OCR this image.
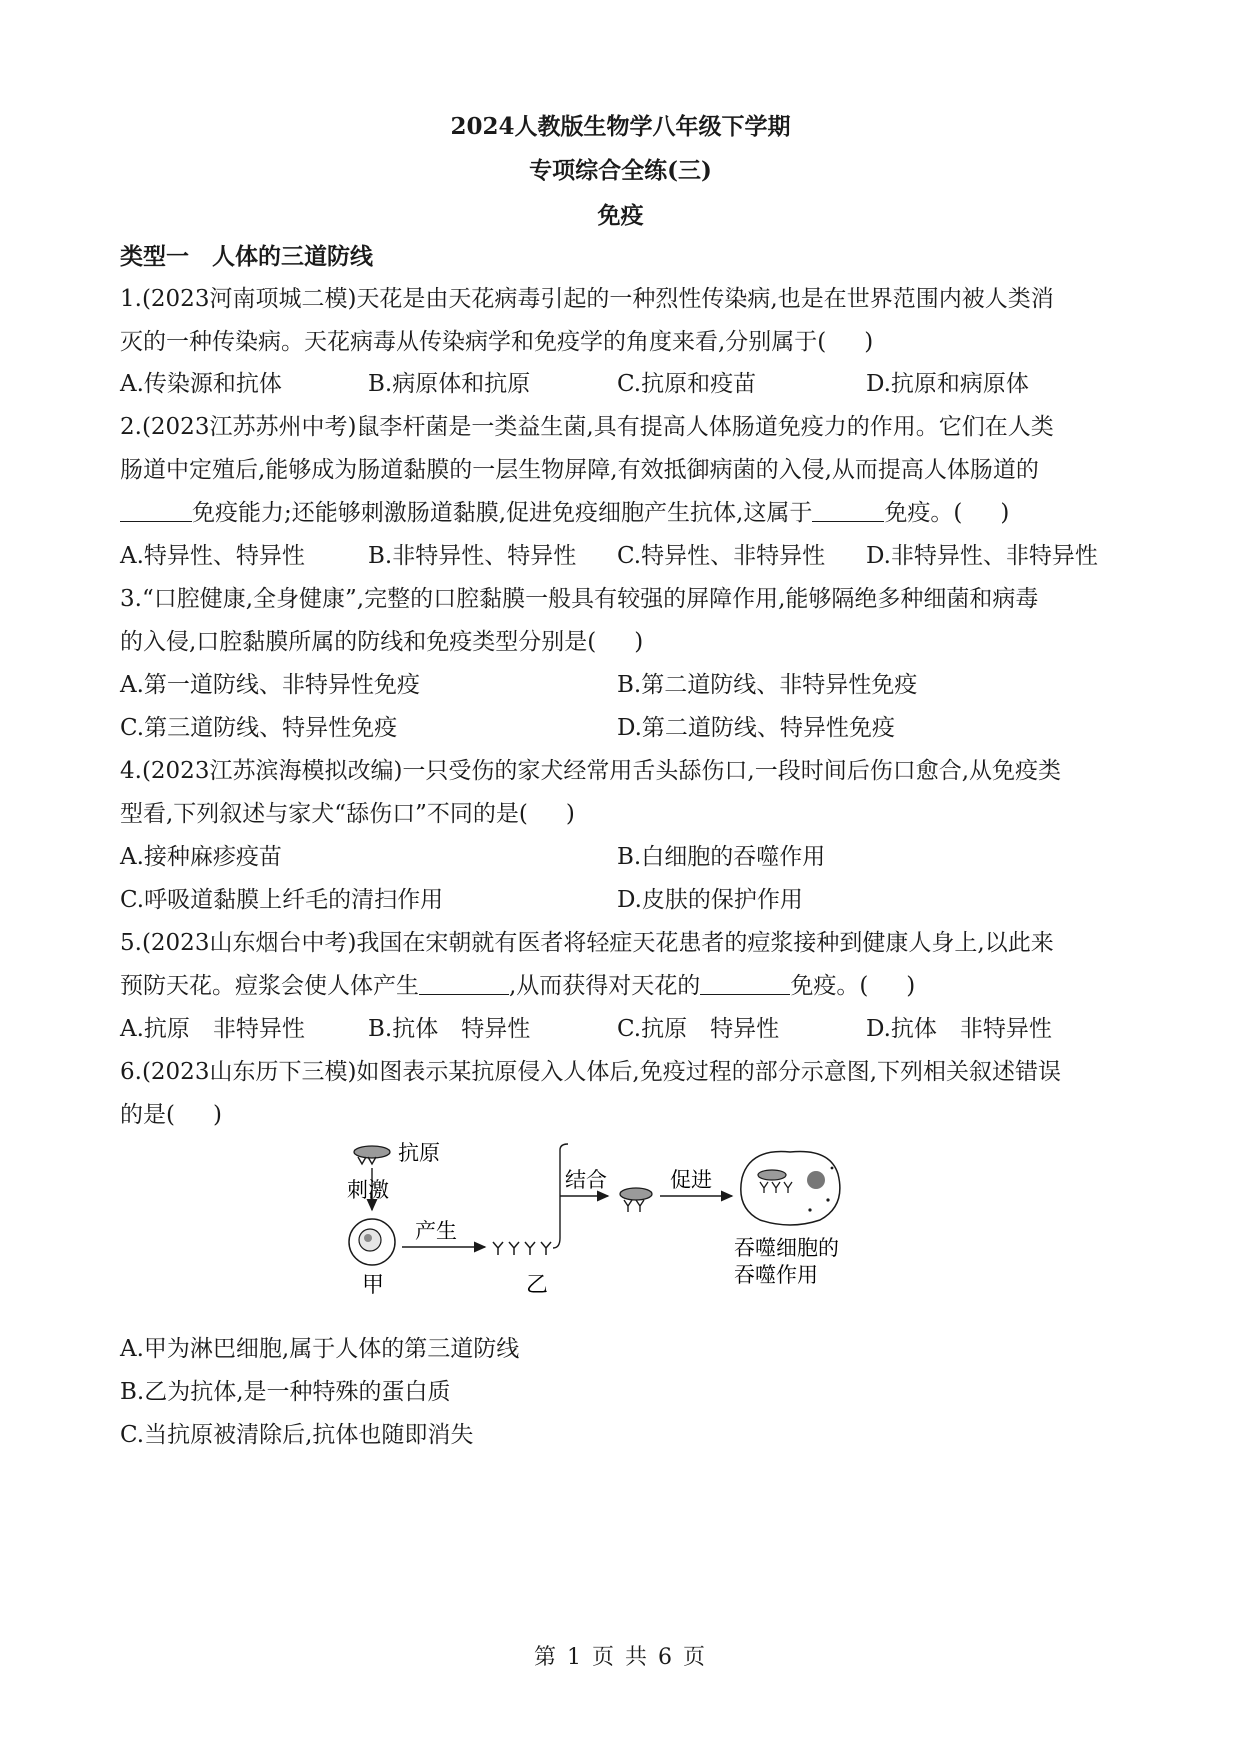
2024人教版生物学八年级下学期
专项综合全练(三)
免疫
类型一　人体的三道防线
1.(2023河南项城二模)天花是由天花病毒引起的一种烈性传染病,也是在世界范围内被人类消
灭的一种传染病。天花病毒从传染病学和免疫学的角度来看,分别属于( )
A.传染源和抗体	B.病原体和抗原	C.抗原和疫苗	D.抗原和病原体
2.(2023江苏苏州中考)鼠李杆菌是一类益生菌,具有提高人体肠道免疫力的作用。它们在人类
肠道中定殖后,能够成为肠道黏膜的一层生物屏障,有效抵御病菌的入侵,从而提高人体肠道的
免疫能力;还能够刺激肠道黏膜,促进免疫细胞产生抗体,这属于	免疫。( )
A.特异性、特异性	B.非特异性、特异性 C.特异性、非特异性 D.非特异性、非特异性
3.“口腔健康,全身健康”,完整的口腔黏膜一般具有较强的屏障作用,能够隔绝多种细菌和病毒
的入侵,口腔黏膜所属的防线和免疫类型分别是( )
A.第一道防线、非特异性免疫	B.第二道防线、非特异性免疫
C.第三道防线、特异性免疫	D.第二道防线、特异性免疫
4.(2023江苏滨海模拟改编)一只受伤的家犬经常用舌头舔伤口,一段时间后伤口愈合,从免疫类
型看,下列叙述与家犬“舔伤口”不同的是( )
A.接种麻疹疫苗	B.白细胞的吞噬作用
C.呼吸道黏膜上纤毛的清扫作用	D.皮肤的保护作用
5.(2023山东烟台中考)我国在宋朝就有医者将轻症天花患者的痘浆接种到健康人身上,以此来
预防天花。痘浆会使人体产生	,从而获得对天花的	免疫。( )
A.抗原　非特异性	B.抗体　特异性	C.抗原　特异性	D.抗体　非特异性
6.(2023山东历下三模)如图表示某抗原侵入人体后,免疫过程的部分示意图,下列相关叙述错误
的是( )
抗原
刺激
甲
产生
乙
结合	促进
吞噬细胞的
吞噬作用
A.甲为淋巴细胞,属于人体的第三道防线
B.乙为抗体,是一种特殊的蛋白质
C.当抗原被清除后,抗体也随即消失
第 1 页 共 6 页
